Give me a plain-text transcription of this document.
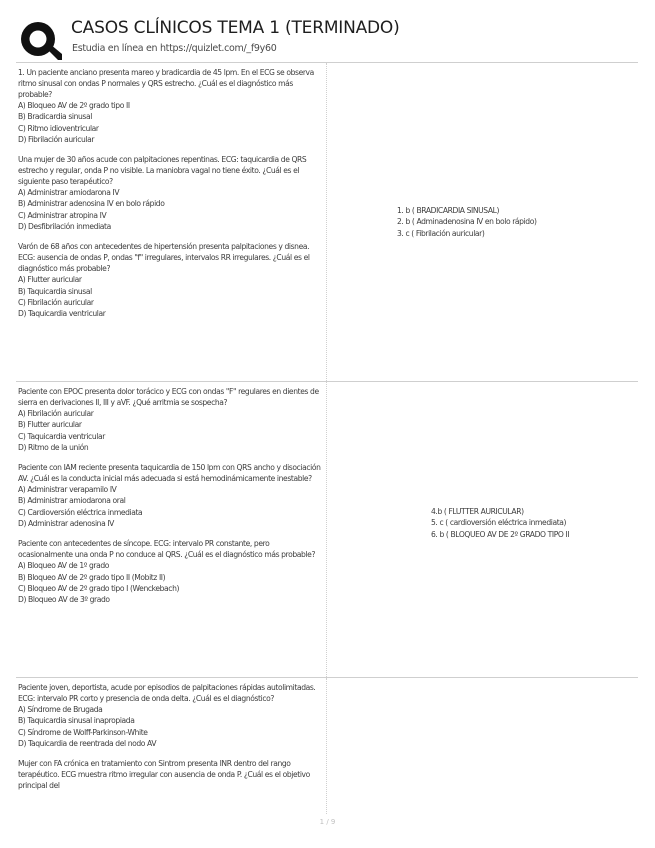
CASOS CLÍNICOS TEMA 1 (TERMINADO)
Estudia en línea en https://quizlet.com/_f9y60
1. Un paciente anciano presenta mareo y bradicardia de 45 lpm. En el ECG se observa ritmo sinusal con ondas P normales y QRS estrecho. ¿Cuál es el diagnóstico más probable?
A) Bloqueo AV de 2º grado tipo II
B) Bradicardia sinusal
C) Ritmo idioventricular
D) Fibrilación auricular
Una mujer de 30 años acude con palpitaciones repentinas. ECG: taquicardia de QRS estrecho y regular, onda P no visible. La maniobra vagal no tiene éxito. ¿Cuál es el siguiente paso terapéutico?
A) Administrar amiodarona IV
B) Administrar adenosina IV en bolo rápido
C) Administrar atropina IV
D) Desfibrilación inmediata
Varón de 68 años con antecedentes de hipertensión presenta palpitaciones y disnea. ECG: ausencia de ondas P, ondas "f" irregulares, intervalos RR irregulares. ¿Cuál es el diagnóstico más probable?
A) Flutter auricular
B) Taquicardia sinusal
C) Fibrilación auricular
D) Taquicardia ventricular
1. b ( BRADICARDIA SINUSAL)
2. b ( Adminadenosina IV en bolo rápido)
3. c ( Fibrilación auricular)
Paciente con EPOC presenta dolor torácico y ECG con ondas "F" regulares en dientes de sierra en derivaciones II, III y aVF. ¿Qué arritmia se sospecha?
A) Fibrilación auricular
B) Flutter auricular
C) Taquicardia ventricular
D) Ritmo de la unión
Paciente con IAM reciente presenta taquicardia de 150 lpm con QRS ancho y disociación AV. ¿Cuál es la conducta inicial más adecuada si está hemodinámicamente inestable?
A) Administrar verapamilo IV
B) Administrar amiodarona oral
C) Cardioversión eléctrica inmediata
D) Administrar adenosina IV
Paciente con antecedentes de síncope. ECG: intervalo PR constante, pero ocasionalmente una onda P no conduce al QRS. ¿Cuál es el diagnóstico más probable?
A) Bloqueo AV de 1º grado
B) Bloqueo AV de 2º grado tipo II (Mobitz II)
C) Bloqueo AV de 2º grado tipo I (Wenckebach)
D) Bloqueo AV de 3º grado
4.b ( FLUTTER AURICULAR)
5. c ( cardioversión eléctrica inmediata)
6. b ( BLOQUEO AV DE 2º GRADO TIPO II
Paciente joven, deportista, acude por episodios de palpitaciones rápidas autolimitadas. ECG: intervalo PR corto y presencia de onda delta. ¿Cuál es el diagnóstico?
A) Síndrome de Brugada
B) Taquicardia sinusal inapropiada
C) Síndrome de Wolff-Parkinson-White
D) Taquicardia de reentrada del nodo AV
Mujer con FA crónica en tratamiento con Sintrom presenta INR dentro del rango terapéutico. ECG muestra ritmo irregular con ausencia de onda P. ¿Cuál es el objetivo principal del
1 / 9
